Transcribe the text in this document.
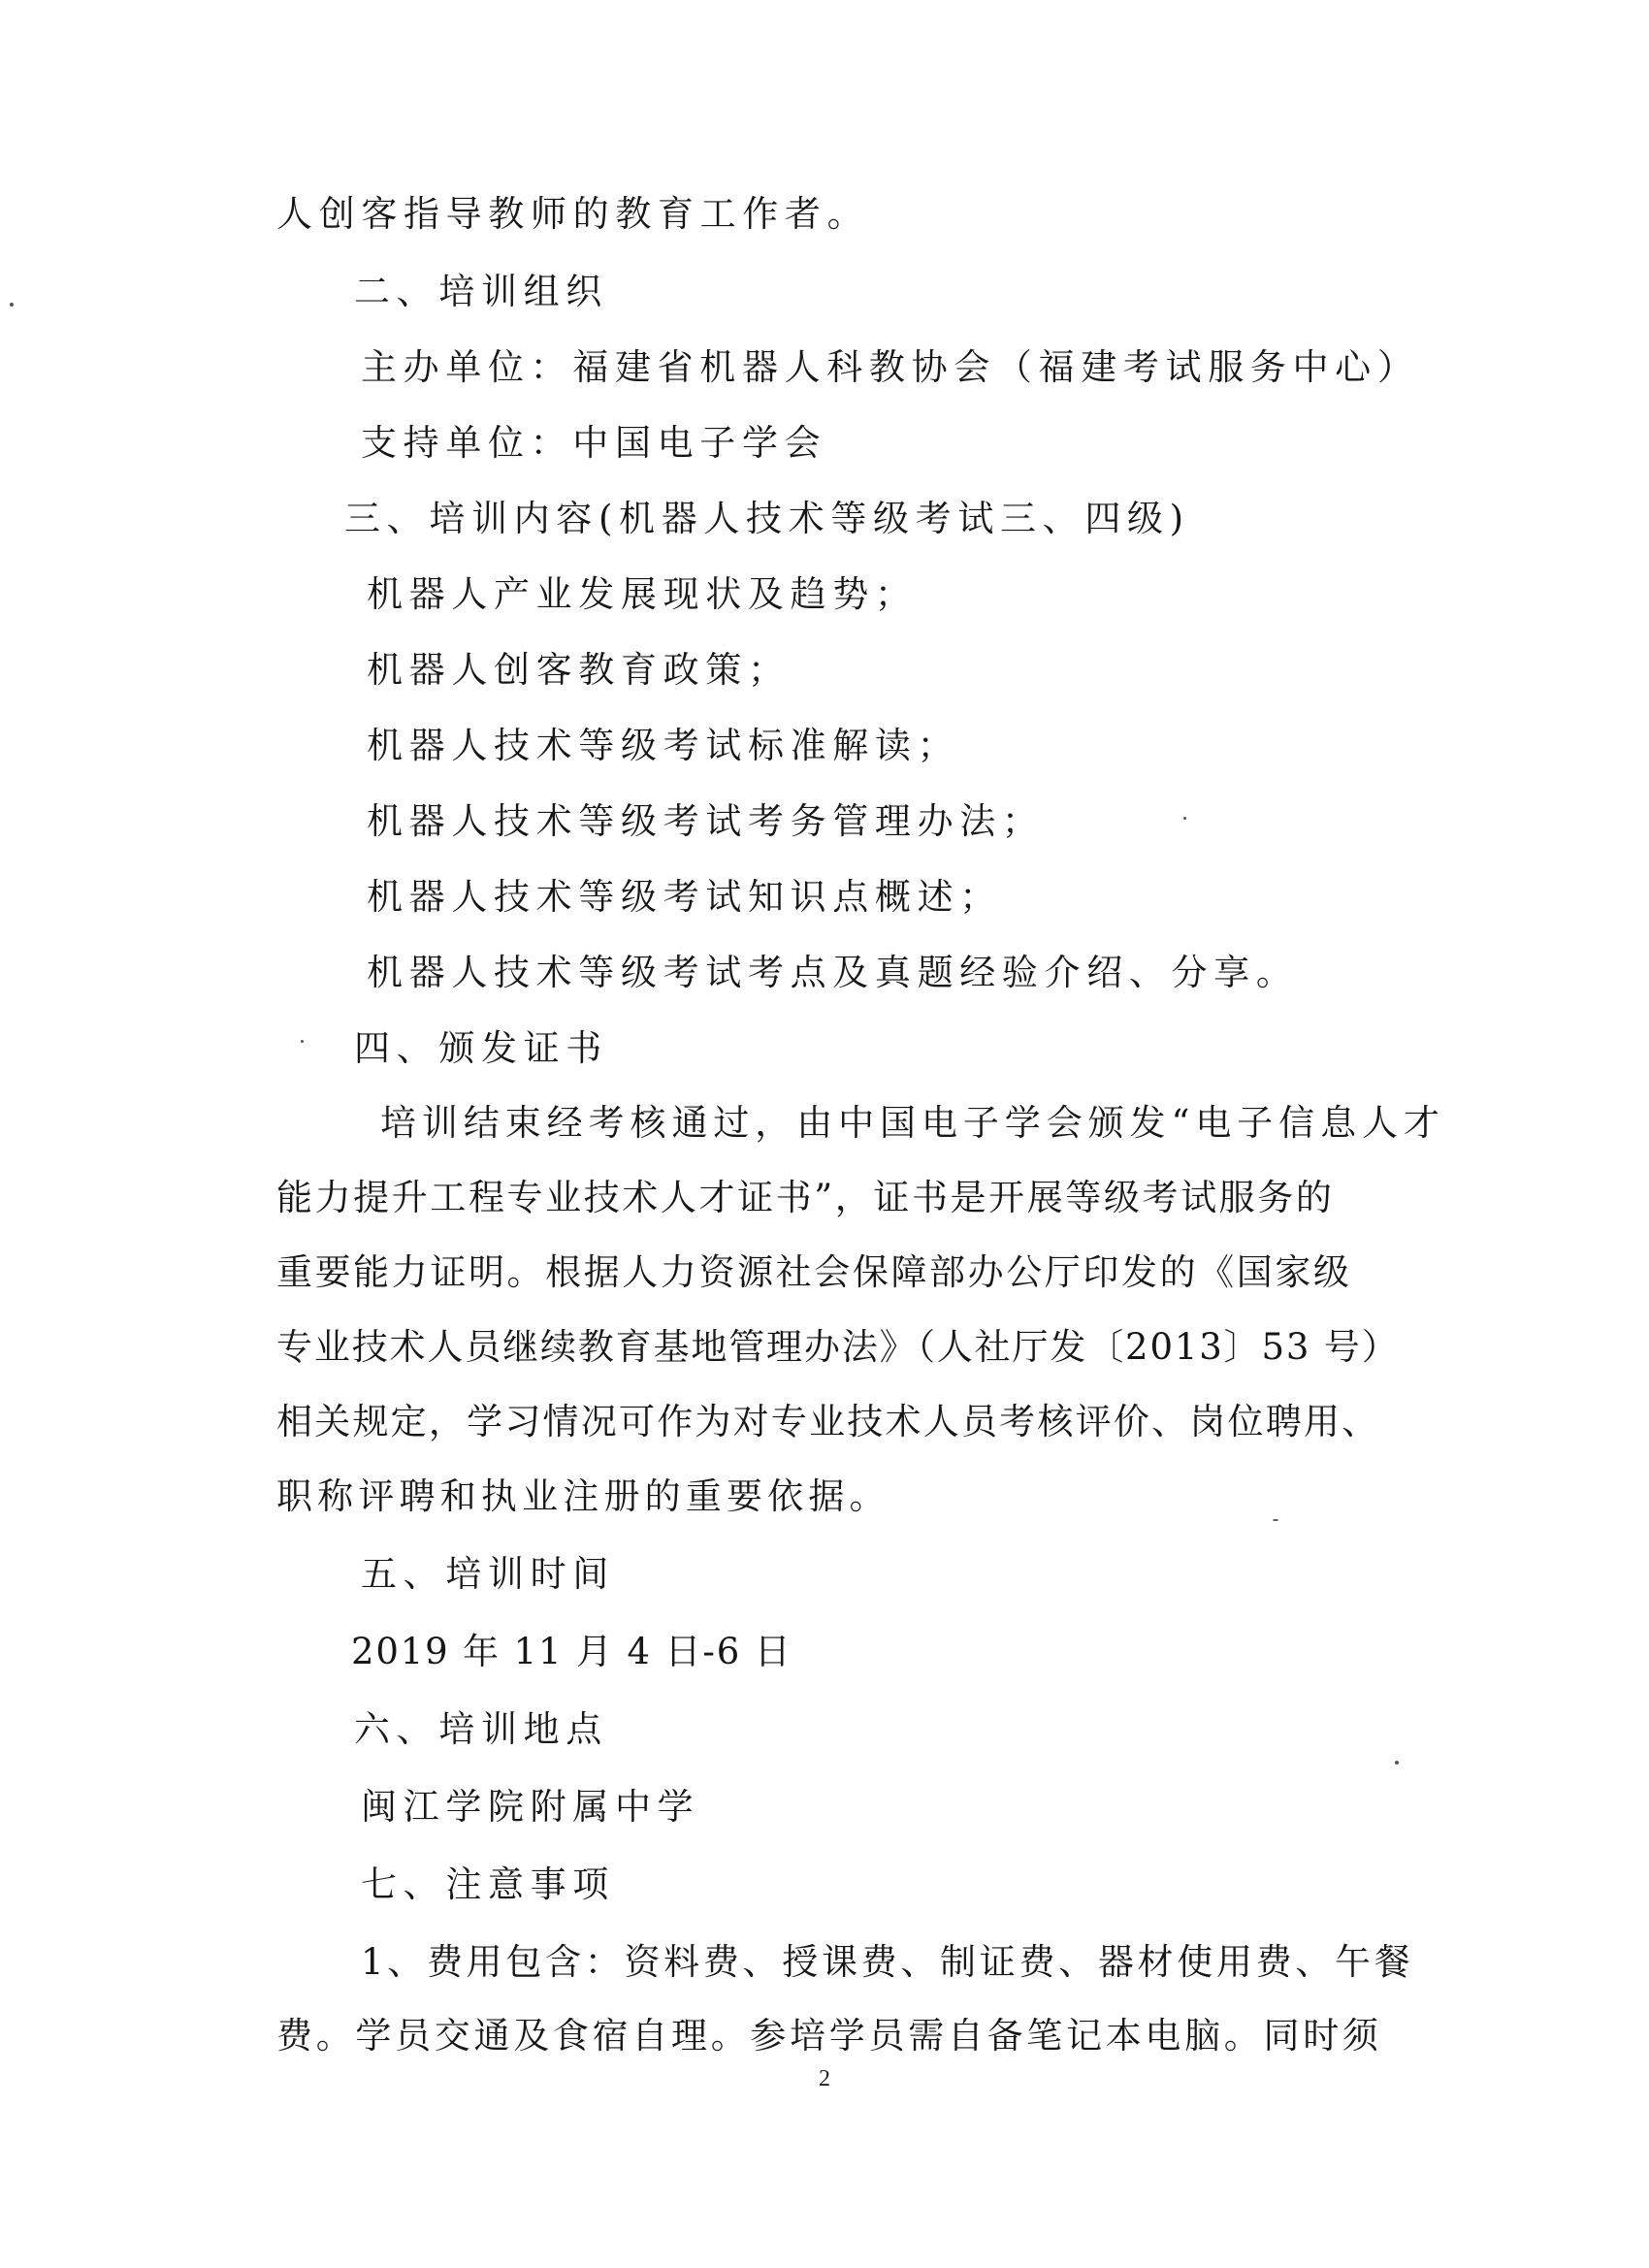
人创客指导教师的教育工作者。
二、培训组织
主办单位：福建省机器人科教协会（福建考试服务中心）
支持单位：中国电子学会
三、培训内容(机器人技术等级考试三、四级)
机器人产业发展现状及趋势；
机器人创客教育政策；
机器人技术等级考试标准解读；
机器人技术等级考试考务管理办法；
机器人技术等级考试知识点概述；
机器人技术等级考试考点及真题经验介绍、分享。
四、颁发证书
培训结束经考核通过，由中国电子学会颁发“电子信息人才
能力提升工程专业技术人才证书”，证书是开展等级考试服务的
重要能力证明。根据人力资源社会保障部办公厅印发的《国家级
专业技术人员继续教育基地管理办法》（人社厅发〔2013〕53 号）
相关规定，学习情况可作为对专业技术人员考核评价、岗位聘用、
职称评聘和执业注册的重要依据。
五、培训时间
2019 年 11 月 4 日-6 日
六、培训地点
闽江学院附属中学
七、注意事项
1、费用包含：资料费、授课费、制证费、器材使用费、午餐
费。学员交通及食宿自理。参培学员需自备笔记本电脑。同时须
2
